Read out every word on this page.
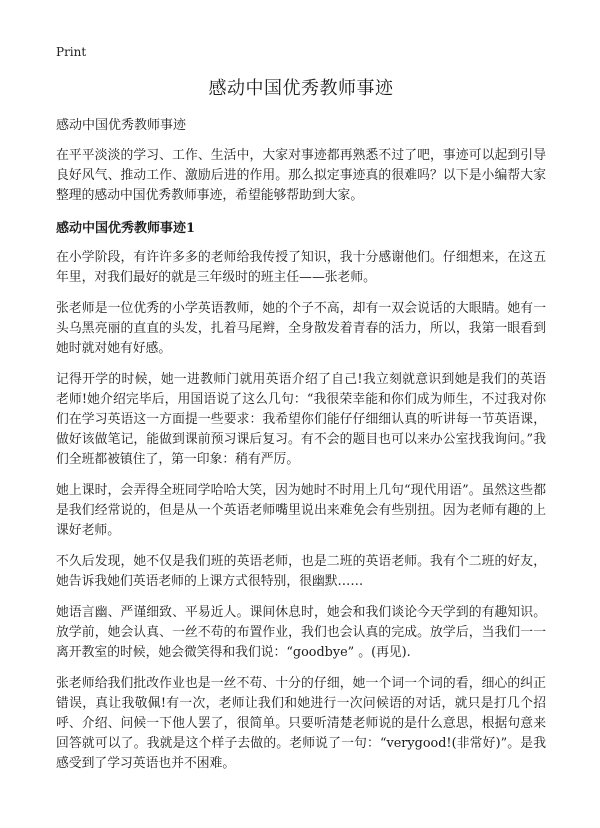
Print
感动中国优秀教师事迹

感动中国优秀教师事迹

在平平淡淡的学习、工作、生活中，大家对事迹都再熟悉不过了吧，事迹可以起到引导良好风气、推动工作、激励后进的作用。那么拟定事迹真的很难吗？以下是小编帮大家整理的感动中国优秀教师事迹，希望能够帮助到大家。

感动中国优秀教师事迹1

在小学阶段，有许许多多的老师给我传授了知识，我十分感谢他们。仔细想来，在这五年里，对我们最好的就是三年级时的班主任——张老师。

张老师是一位优秀的小学英语教师，她的个子不高，却有一双会说话的大眼睛。她有一头乌黑亮丽的直直的头发，扎着马尾辫，全身散发着青春的活力，所以，我第一眼看到她时就对她有好感。

记得开学的时候，她一进教师门就用英语介绍了自己!我立刻就意识到她是我们的英语老师!她介绍完毕后，用国语说了这么几句：“我很荣幸能和你们成为师生，不过我对你们在学习英语这一方面提一些要求：我希望你们能仔仔细细认真的听讲每一节英语课，做好该做笔记，能做到课前预习课后复习。有不会的题目也可以来办公室找我询问。”我们全班都被镇住了，第一印象：稍有严厉。

她上课时，会弄得全班同学哈哈大笑，因为她时不时用上几句“现代用语”。虽然这些都是我们经常说的，但是从一个英语老师嘴里说出来难免会有些别扭。因为老师有趣的上课好老师。

不久后发现，她不仅是我们班的英语老师，也是二班的英语老师。我有个二班的好友，她告诉我她们英语老师的上课方式很特别，很幽默……

她语言幽、严谨细致、平易近人。课间休息时，她会和我们谈论今天学到的有趣知识。放学前，她会认真、一丝不苟的布置作业，我们也会认真的完成。放学后，当我们一一离开教室的时候，她会微笑得和我们说：“goodbye” 。(再见).

张老师给我们批改作业也是一丝不苟、十分的仔细，她一个词一个词的看，细心的纠正错误，真让我敬佩!有一次，老师让我们和她进行一次问候语的对话，就只是打几个招呼、介绍、问候一下他人罢了，很简单。只要听清楚老师说的是什么意思，根据句意来回答就可以了。我就是这个样子去做的。老师说了一句：“verygood!(非常好)”。是我感受到了学习英语也并不困难。
